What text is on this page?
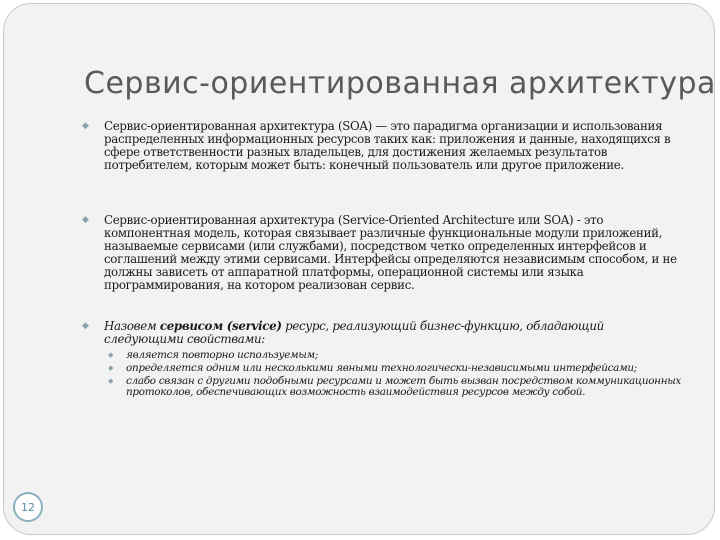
Сервис-ориентированная архитектура
◆ Сервис-ориентированная архитектура (SOA) — это парадигма организации и использования распределенных информационных ресурсов таких как: приложения и данные, находящихся в сфере ответственности разных владельцев, для достижения желаемых результатов потребителем, которым может быть: конечный пользователь или другое приложение.
◆ Сервис-ориентированная архитектура (Service-Oriented Architecture или SOA) - это компонентная модель, которая связывает различные функциональные модули приложений, называемые сервисами (или службами), посредством четко определенных интерфейсов и соглашений между этими сервисами. Интерфейсы определяются независимым способом, и не должны зависеть от аппаратной платформы, операционной системы или языка программирования, на котором реализован сервис.
◆ Назовем сервисом (service) ресурс, реализующий бизнес-функцию, обладающий следующими свойствами:
◆ является повторно используемым;
◆ определяется одним или несколькими явными технологически-независимыми интерфейсами;
◆ слабо связан с другими подобными ресурсами и может быть вызван посредством коммуникационных протоколов, обеспечивающих возможность взаимодействия ресурсов между собой.
12
